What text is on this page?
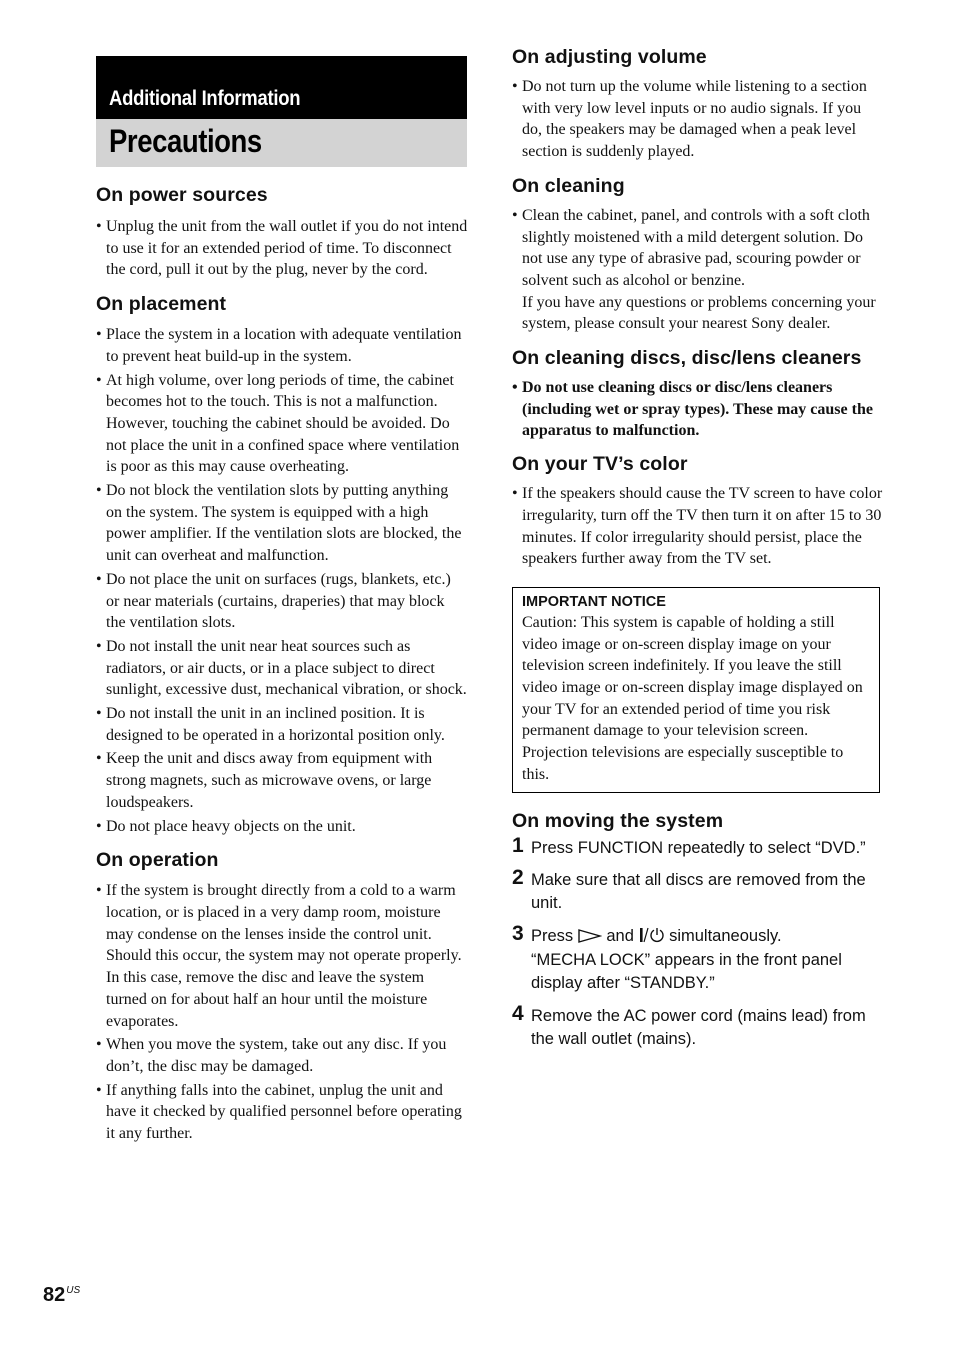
Additional Information
Precautions
On power sources
• Unplug the unit from the wall outlet if you do not intend to use it for an extended period of time. To disconnect the cord, pull it out by the plug, never by the cord.
On placement
• Place the system in a location with adequate ventilation to prevent heat build-up in the system.
• At high volume, over long periods of time, the cabinet becomes hot to the touch. This is not a malfunction. However, touching the cabinet should be avoided. Do not place the unit in a confined space where ventilation is poor as this may cause overheating.
• Do not block the ventilation slots by putting anything on the system. The system is equipped with a high power amplifier. If the ventilation slots are blocked, the unit can overheat and malfunction.
• Do not place the unit on surfaces (rugs, blankets, etc.) or near materials (curtains, draperies) that may block the ventilation slots.
• Do not install the unit near heat sources such as radiators, or air ducts, or in a place subject to direct sunlight, excessive dust, mechanical vibration, or shock.
• Do not install the unit in an inclined position. It is designed to be operated in a horizontal position only.
• Keep the unit and discs away from equipment with strong magnets, such as microwave ovens, or large loudspeakers.
• Do not place heavy objects on the unit.
On operation
• If the system is brought directly from a cold to a warm location, or is placed in a very damp room, moisture may condense on the lenses inside the control unit. Should this occur, the system may not operate properly. In this case, remove the disc and leave the system turned on for about half an hour until the moisture evaporates.
• When you move the system, take out any disc. If you don’t, the disc may be damaged.
• If anything falls into the cabinet, unplug the unit and have it checked by qualified personnel before operating it any further.
On adjusting volume
• Do not turn up the volume while listening to a section with very low level inputs or no audio signals. If you do, the speakers may be damaged when a peak level section is suddenly played.
On cleaning
• Clean the cabinet, panel, and controls with a soft cloth slightly moistened with a mild detergent solution. Do not use any type of abrasive pad, scouring powder or solvent such as alcohol or benzine.
If you have any questions or problems concerning your system, please consult your nearest Sony dealer.
On cleaning discs, disc/lens cleaners
• Do not use cleaning discs or disc/lens cleaners (including wet or spray types). These may cause the apparatus to malfunction.
On your TV’s color
• If the speakers should cause the TV screen to have color irregularity, turn off the TV then turn it on after 15 to 30 minutes. If color irregularity should persist, place the speakers further away from the TV set.
IMPORTANT NOTICE
Caution: This system is capable of holding a still video image or on-screen display image on your television screen indefinitely. If you leave the still video image or on-screen display image displayed on your TV for an extended period of time you risk permanent damage to your television screen. Projection televisions are especially susceptible to this.
On moving the system
1 Press FUNCTION repeatedly to select “DVD.”
2 Make sure that all discs are removed from the unit.
3 Press and simultaneously.
“MECHA LOCK” appears in the front panel display after “STANDBY.”
4 Remove the AC power cord (mains lead) from the wall outlet (mains).
$82^{US}$
